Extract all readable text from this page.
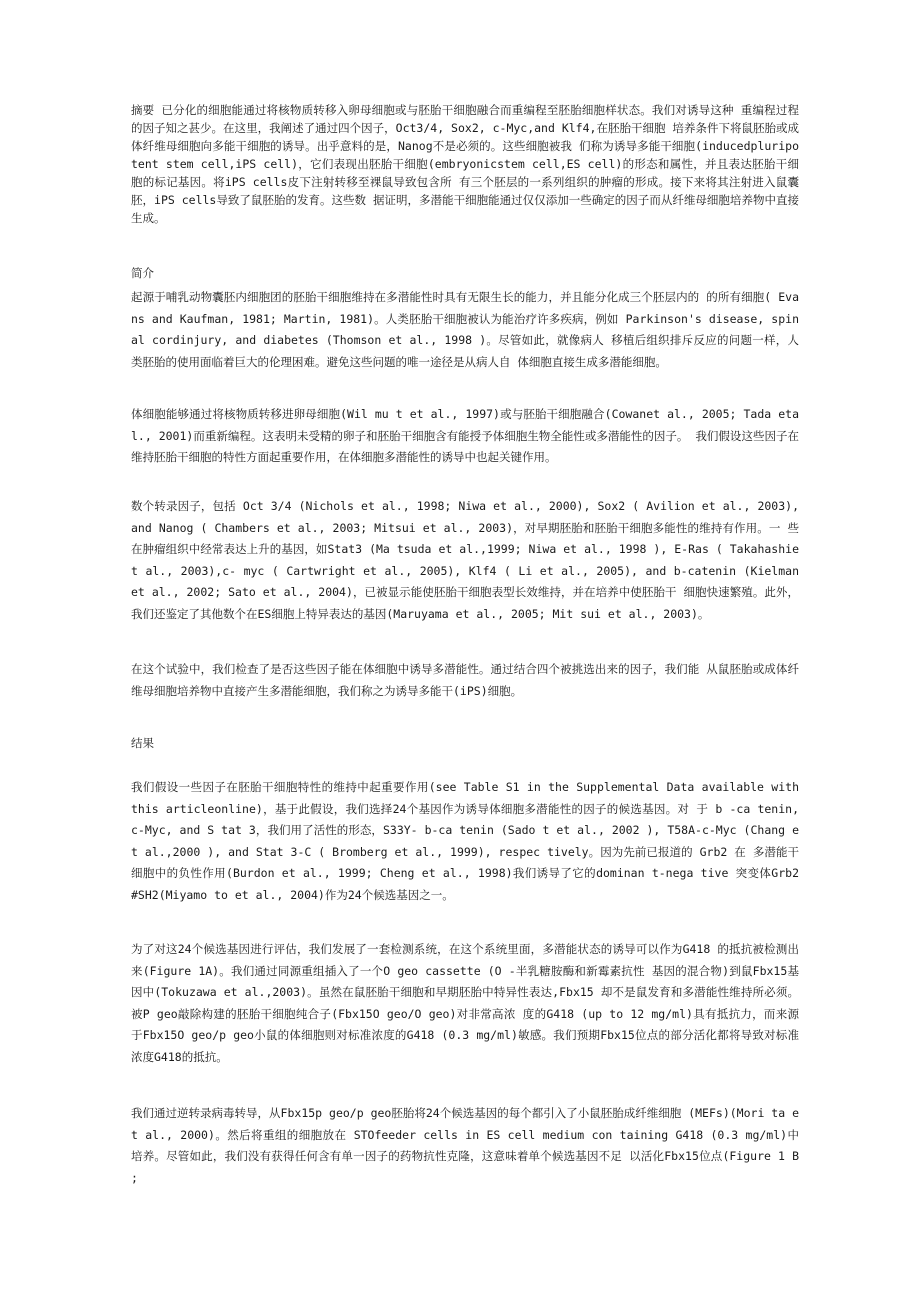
摘要 已分化的细胞能通过将核物质转移入卵母细胞或与胚胎干细胞融合而重编程至胚胎细胞样状态。我们对诱导这种 重编程过程的因子知之甚少。在这里，我阐述了通过四个因子，Oct3/4, Sox2, c-Myc,and Klf4,在胚胎干细胞 培养条件下将鼠胚胎或成体纤维母细胞向多能干细胞的诱导。出乎意料的是，Nanog不是必须的。这些细胞被我 们称为诱导多能干细胞(inducedpluripotent stem cell,iPS cell)，它们表现出胚胎干细胞(embryonicstem cell,ES cell)的形态和属性，并且表达胚胎干细胞的标记基因。将iPS cells皮下注射转移至裸鼠导致包含所 有三个胚层的一系列组织的肿瘤的形成。接下来将其注射进入鼠囊胚，iPS cells导致了鼠胚胎的发育。这些数 据证明，多潜能干细胞能通过仅仅添加一些确定的因子而从纤维母细胞培养物中直接生成。

简介

起源于哺乳动物囊胚内细胞团的胚胎干细胞维持在多潜能性时具有无限生长的能力，并且能分化成三个胚层内的 的所有细胞( Evans and Kaufman, 1981; Martin, 1981)。人类胚胎干细胞被认为能治疗许多疾病，例如 Parkinson's disease, spinal cordinjury, and diabetes (Thomson et al., 1998 )。尽管如此，就像病人 移植后组织排斥反应的问题一样，人类胚胎的使用面临着巨大的伦理困难。避免这些问题的唯一途径是从病人自 体细胞直接生成多潜能细胞。

体细胞能够通过将核物质转移进卵母细胞(Wil mu t et al., 1997)或与胚胎干细胞融合(Cowanet al., 2005; Tada etal., 2001)而重新编程。这表明未受精的卵子和胚胎干细胞含有能授予体细胞生物全能性或多潜能性的因子。 我们假设这些因子在维持胚胎干细胞的特性方面起重要作用，在体细胞多潜能性的诱导中也起关键作用。

数个转录因子，包括 Oct 3/4 (Nichols et al., 1998; Niwa et al., 2000), Sox2 ( Avilion et al., 2003),and Nanog ( Chambers et al., 2003; Mitsui et al., 2003)，对早期胚胎和胚胎干细胞多能性的维持有作用。一 些在肿瘤组织中经常表达上升的基因，如Stat3 (Ma tsuda et al.,1999; Niwa et al., 1998 ), E-Ras ( Takahashiet al., 2003),c- myc ( Cartwright et al., 2005), Klf4 ( Li et al., 2005), and b-catenin (Kielman et al., 2002; Sato et al., 2004)，已被显示能使胚胎干细胞表型长效维持，并在培养中使胚胎干 细胞快速繁殖。此外，我们还鉴定了其他数个在ES细胞上特异表达的基因(Maruyama et al., 2005; Mit sui et al., 2003)。

在这个试验中，我们检查了是否这些因子能在体细胞中诱导多潜能性。通过结合四个被挑选出来的因子，我们能 从鼠胚胎或成体纤维母细胞培养物中直接产生多潜能细胞，我们称之为诱导多能干(iPS)细胞。

结果

我们假设一些因子在胚胎干细胞特性的维持中起重要作用(see Table S1 in the Supplemental Data available with this articleonline)，基于此假设，我们选择24个基因作为诱导体细胞多潜能性的因子的候选基因。对 于 b -ca tenin, c-Myc, and S tat 3，我们用了活性的形态，S33Y- b-ca tenin (Sado t et al., 2002 ), T58A-c-Myc (Chang et al.,2000 ), and Stat 3-C ( Bromberg et al., 1999), respec tively。因为先前已报道的 Grb2 在 多潜能干细胞中的负性作用(Burdon et al., 1999; Cheng et al., 1998)我们诱导了它的dominan t-nega tive 突变体Grb2 #SH2(Miyamo to et al., 2004)作为24个候选基因之一。

为了对这24个候选基因进行评估，我们发展了一套检测系统，在这个系统里面，多潜能状态的诱导可以作为G418 的抵抗被检测出来(Figure 1A)。我们通过同源重组插入了一个O geo cassette (O -半乳糖胺酶和新霉素抗性 基因的混合物)到鼠Fbx15基因中(Tokuzawa et al.,2003)。虽然在鼠胚胎干细胞和早期胚胎中特异性表达,Fbx15 却不是鼠发育和多潜能性维持所必须。被P geo敲除构建的胚胎干细胞纯合子(Fbx15O geo/O geo)对非常高浓 度的G418 (up to 12 mg/ml)具有抵抗力，而来源于Fbx15O geo/p geo小鼠的体细胞则对标准浓度的G418 (0.3 mg/ml)敏感。我们预期Fbx15位点的部分活化都将导致对标准浓度G418的抵抗。

我们通过逆转录病毒转导，从Fbx15p geo/p geo胚胎将24个候选基因的每个都引入了小鼠胚胎成纤维细胞 (MEFs)(Mori ta et al., 2000)。然后将重组的细胞放在 STOfeeder cells in ES cell medium con taining G418 (0.3 mg/ml)中培养。尽管如此，我们没有获得任何含有单一因子的药物抗性克隆，这意味着单个候选基因不足 以活化Fbx15位点(Figure 1 B ;
